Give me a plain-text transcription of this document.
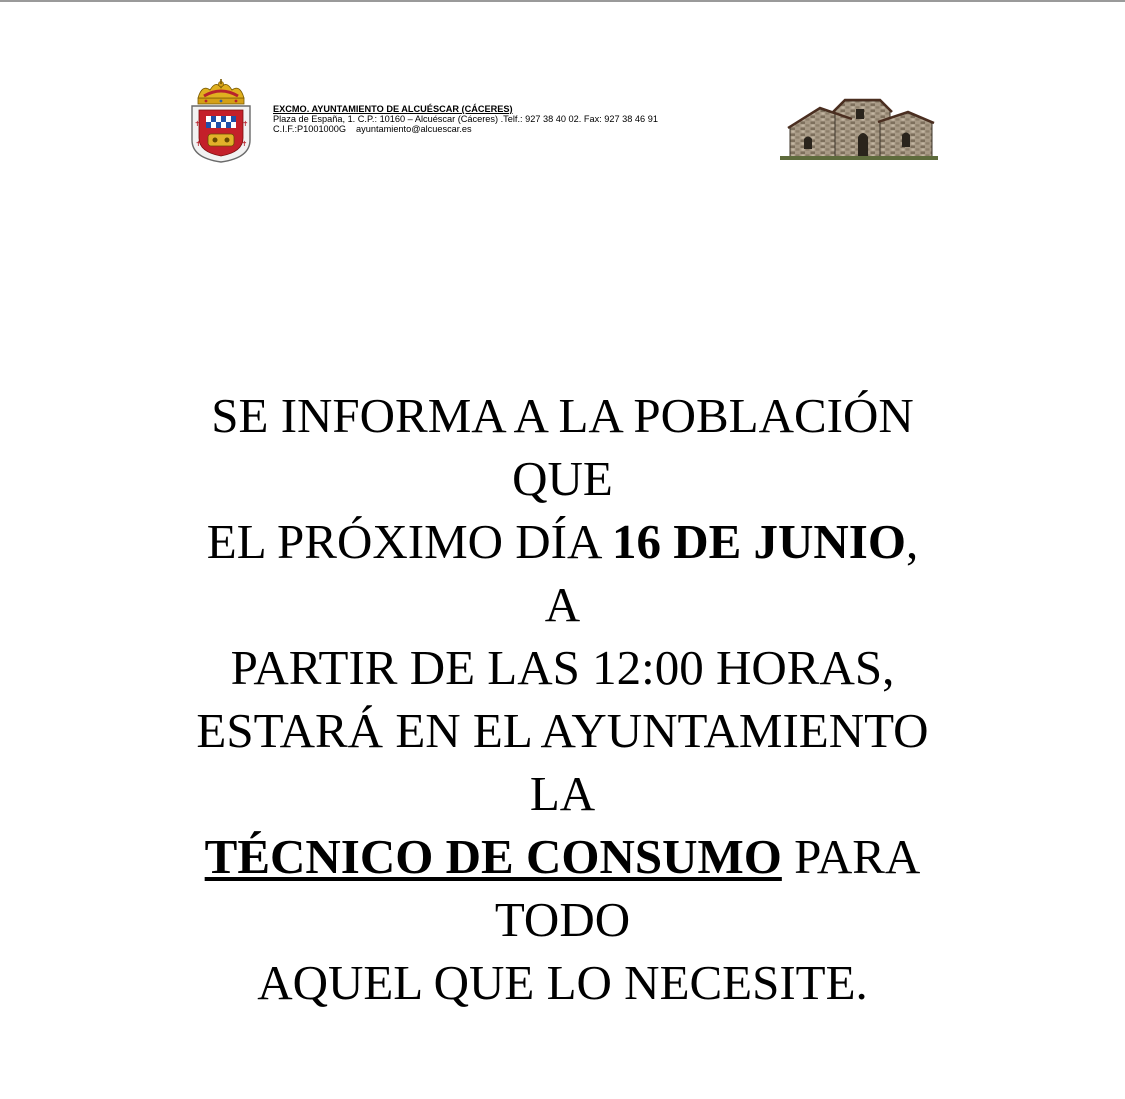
✝	✝
✝	✝
EXCMO. AYUNTAMIENTO DE ALCUÉSCAR (CÁCERES)
Plaza de España, 1. C.P.: 10160 – Alcuéscar (Cáceres) .Telf.: 927 38 40 02. Fax: 927 38 46 91
C.I.F.:P1001000G ayuntamiento@alcuescar.es
SE INFORMA A LA POBLACIÓN
QUE
EL PRÓXIMO DÍA 16 DE JUNIO,
A
PARTIR DE LAS 12:00 HORAS,
ESTARÁ EN EL AYUNTAMIENTO
LA
TÉCNICO DE CONSUMO PARA
TODO
AQUEL QUE LO NECESITE.
